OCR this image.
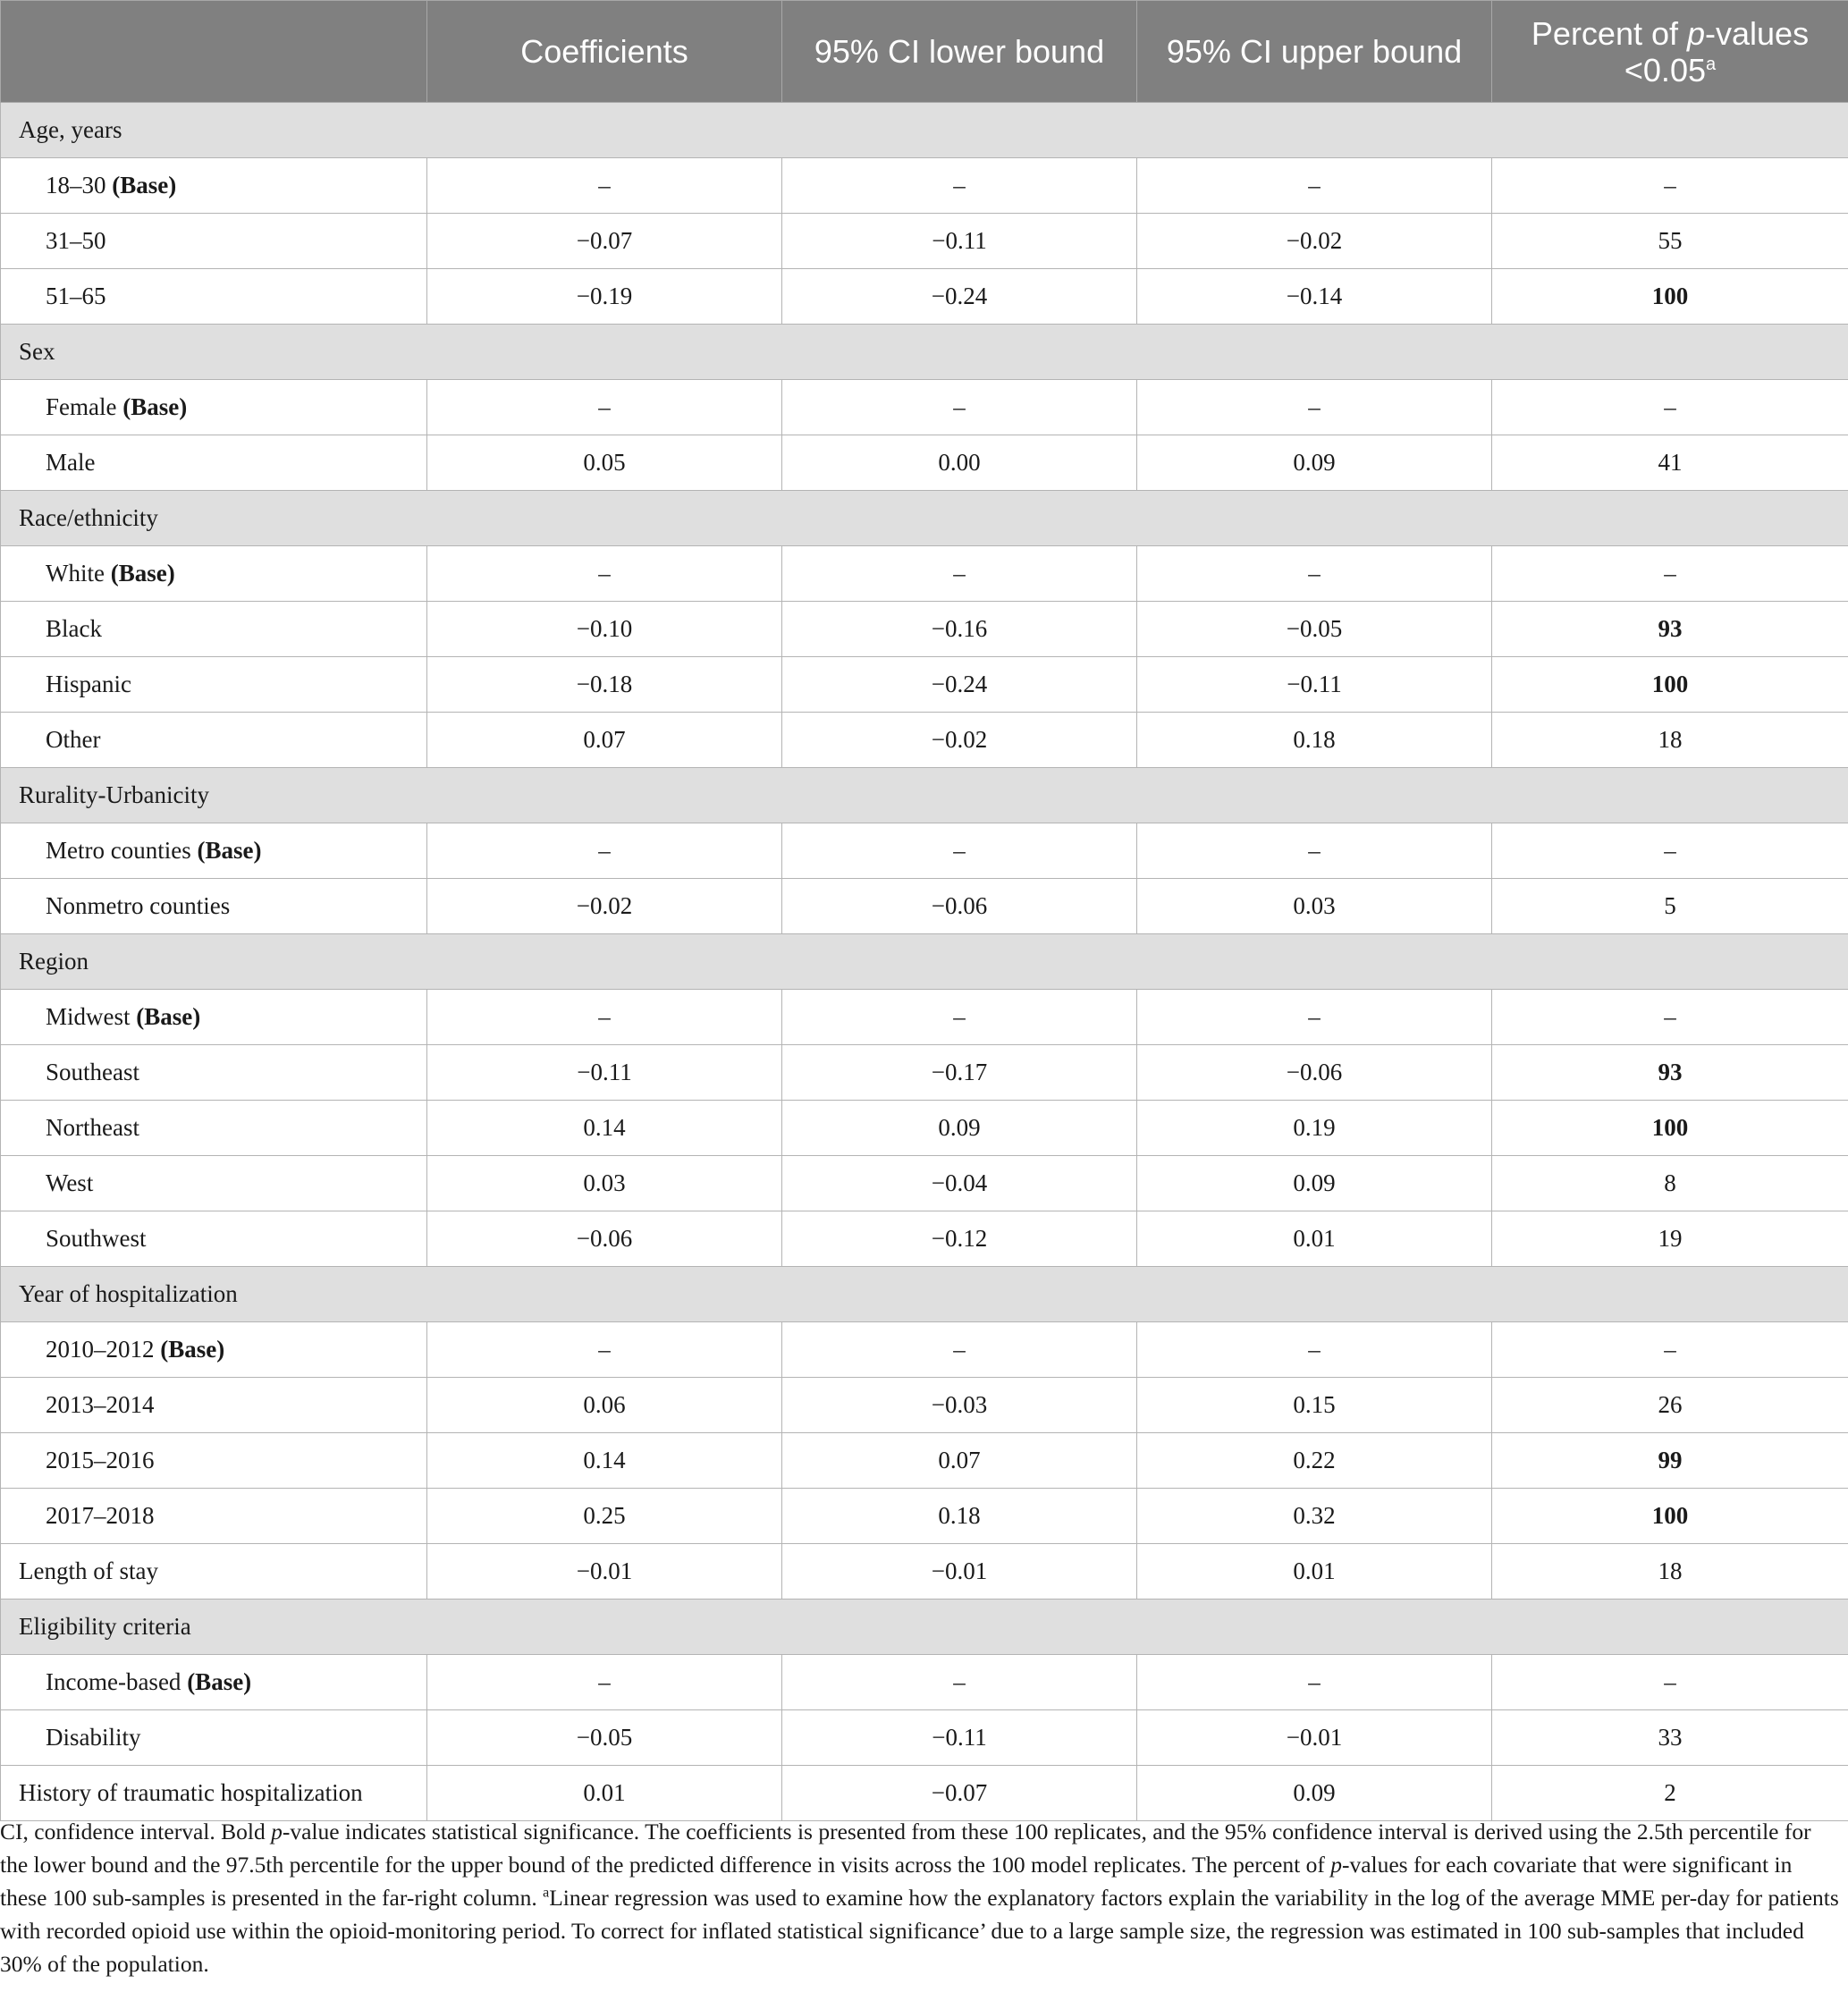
	Coefficients	95% CI lower bound	95% CI upper bound	Percent of p-values
<0.05$^a$
Age, years				
18–30 (Base)	–	–	–	–
31–50	−0.07	−0.11	−0.02	55
51–65	−0.19	−0.24	−0.14	100
Sex				
Female (Base)	–	–	–	–
Male	0.05	0.00	0.09	41
Race/ethnicity				
White (Base)	–	–	–	–
Black	−0.10	−0.16	−0.05	93
Hispanic	−0.18	−0.24	−0.11	100
Other	0.07	−0.02	0.18	18
Rurality-Urbanicity				
Metro counties (Base)	–	–	–	–
Nonmetro counties	−0.02	−0.06	0.03	5
Region				
Midwest (Base)	–	–	–	–
Southeast	−0.11	−0.17	−0.06	93
Northeast	0.14	0.09	0.19	100
West	0.03	−0.04	0.09	8
Southwest	−0.06	−0.12	0.01	19
Year of hospitalization				
2010–2012 (Base)	–	–	–	–
2013–2014	0.06	−0.03	0.15	26
2015–2016	0.14	0.07	0.22	99
2017–2018	0.25	0.18	0.32	100
Length of stay	−0.01	−0.01	0.01	18
Eligibility criteria				
Income-based (Base)	–	–	–	–
Disability	−0.05	−0.11	−0.01	33
History of traumatic hospitalization	0.01	−0.07	0.09	2

CI, confidence interval. Bold p-value indicates statistical significance. The coefficients is presented from these 100 replicates, and the 95% confidence interval is derived using the 2.5th percentile for the lower bound and the 97.5th percentile for the upper bound of the predicted difference in visits across the 100 model replicates. The percent of p-values for each covariate that were significant in these 100 sub-samples is presented in the far-right column. $^a$Linear regression was used to examine how the explanatory factors explain the variability in the log of the average MME per-day for patients with recorded opioid use within the opioid-monitoring period. To correct for inflated statistical significance’ due to a large sample size, the regression was estimated in 100 sub-samples that included 30% of the population.
